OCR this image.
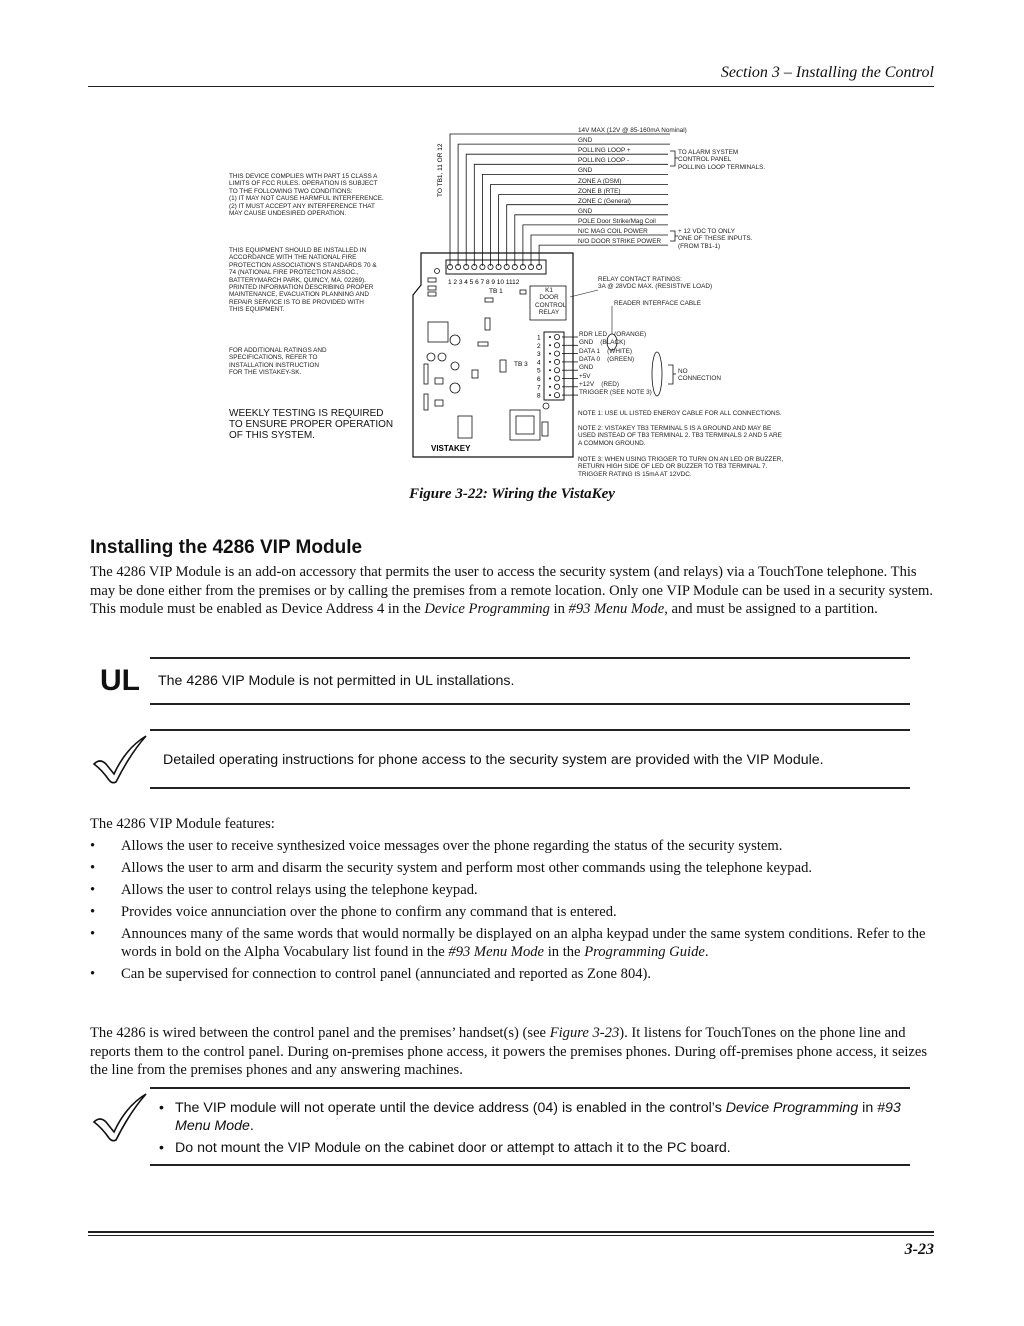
Section 3 – Installing the Control
THIS DEVICE COMPLIES WITH PART 15 CLASS A
LIMITS OF FCC RULES. OPERATION IS SUBJECT
TO THE FOLLOWING TWO CONDITIONS:
(1) IT MAY NOT CAUSE HARMFUL INTERFERENCE.
(2) IT MUST ACCEPT ANY INTERFERENCE THAT
MAY CAUSE UNDESIRED OPERATION.
THIS EQUIPMENT SHOULD BE INSTALLED IN
ACCORDANCE WITH THE NATIONAL FIRE
PROTECTION ASSOCIATION'S STANDARDS 70 &
74 (NATIONAL FIRE PROTECTION ASSOC.,
BATTERYMARCH PARK, QUINCY, MA. 02269).
PRINTED INFORMATION DESCRIBING PROPER
MAINTENANCE, EVACUATION PLANNING AND
REPAIR SERVICE IS TO BE PROVIDED WITH
THIS EQUIPMENT.
FOR ADDITIONAL RATINGS AND
SPECIFICATIONS, REFER TO
INSTALLATION INSTRUCTION
FOR THE VISTAKEY-SK.
WEEKLY TESTING IS REQUIRED
TO ENSURE PROPER OPERATION
OF THIS SYSTEM.
TO TB1, 11 OR 12
1 2 3 4 5 6 7 8 9 10 1112
TB 1
TB 3
VISTAKEY
1
2
3
4
5
6
7
8
K1
DOOR
CONTROL
RELAY
14V MAX (12V @ 85-160mA Nominal)
GND
POLLING LOOP +
POLLING LOOP -
GND
ZONE A (DSM)
ZONE B (RTE)
ZONE C (General)
GND
POLE Door Strike/Mag Coil
N/C MAG COIL POWER
N/O DOOR STRIKE POWER
TO ALARM SYSTEM
CONTROL PANEL
POLLING LOOP TERMINALS.
+ 12 VDC TO ONLY
ONE OF THESE INPUTS.
(FROM TB1-1)
RELAY CONTACT RATINGS:
3A @ 28VDC MAX. (RESISTIVE LOAD)
READER INTERFACE CABLE
RDR LED    (ORANGE)
GND    (BLACK)
DATA 1    (WHITE)
DATA 0    (GREEN)
GND
+5V
+12V    (RED)
TRIGGER (SEE NOTE 3)
NO
CONNECTION
NOTE 1: USE UL LISTED ENERGY CABLE FOR ALL CONNECTIONS.
NOTE 2: VISTAKEY TB3 TERMINAL 5 IS A GROUND AND MAY BE
USED INSTEAD OF TB3 TERMINAL 2. TB3 TERMINALS 2 AND 5 ARE
A COMMON GROUND.
NOTE 3: WHEN USING TRIGGER TO TURN ON AN LED OR BUZZER,
RETURN HIGH SIDE OF LED OR BUZZER TO TB3 TERMINAL 7.
TRIGGER RATING IS 15mA AT 12VDC.
Figure 3-22: Wiring the VistaKey
Installing the 4286 VIP Module
The 4286 VIP Module is an add-on accessory that permits the user to access the security system (and relays) via a TouchTone telephone. This may be done either from the premises or by calling the premises from a remote location. Only one VIP Module can be used in a security system. This module must be enabled as Device Address 4 in the Device Programming in #93 Menu Mode, and must be assigned to a partition.
UL The 4286 VIP Module is not permitted in UL installations.
Detailed operating instructions for phone access to the security system are provided with the VIP Module.
The 4286 VIP Module features:
• Allows the user to receive synthesized voice messages over the phone regarding the status of the security system.
• Allows the user to arm and disarm the security system and perform most other commands using the telephone keypad.
• Allows the user to control relays using the telephone keypad.
• Provides voice annunciation over the phone to confirm any command that is entered.
• Announces many of the same words that would normally be displayed on an alpha keypad under the same system conditions. Refer to the words in bold on the Alpha Vocabulary list found in the #93 Menu Mode in the Programming Guide.
• Can be supervised for connection to control panel (annunciated and reported as Zone 804).
The 4286 is wired between the control panel and the premises’ handset(s) (see Figure 3-23). It listens for TouchTones on the phone line and reports them to the control panel. During on-premises phone access, it powers the premises phones. During off-premises phone access, it seizes the line from the premises phones and any answering machines.
• The VIP module will not operate until the device address (04) is enabled in the control’s Device Programming in #93 Menu Mode.
• Do not mount the VIP Module on the cabinet door or attempt to attach it to the PC board.
3-23
